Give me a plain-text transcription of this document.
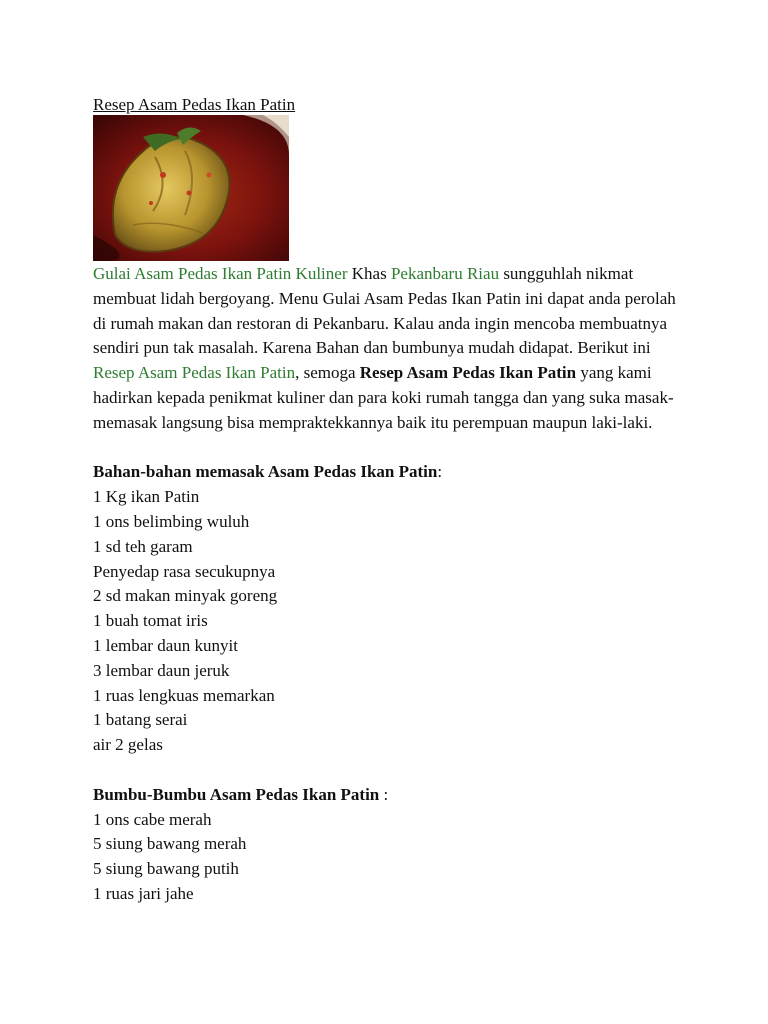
Resep Asam Pedas Ikan Patin

Gulai Asam Pedas Ikan Patin Kuliner Khas Pekanbaru Riau sungguhlah nikmat membuat lidah bergoyang. Menu Gulai Asam Pedas Ikan Patin ini dapat anda perolah di rumah makan dan restoran di Pekanbaru. Kalau anda ingin mencoba membuatnya sendiri pun tak masalah. Karena Bahan dan bumbunya mudah didapat. Berikut ini Resep Asam Pedas Ikan Patin, semoga Resep Asam Pedas Ikan Patin yang kami hadirkan kepada penikmat kuliner dan para koki rumah tangga dan yang suka masak-memasak langsung bisa mempraktekkannya baik itu perempuan maupun laki-laki.

Bahan-bahan memasak Asam Pedas Ikan Patin:
1 Kg ikan Patin
1 ons belimbing wuluh
1 sd teh garam
Penyedap rasa secukupnya
2 sd makan minyak goreng
1 buah tomat iris
1 lembar daun kunyit
3 lembar daun jeruk
1 ruas lengkuas memarkan
1 batang serai
air 2 gelas
Bumbu-Bumbu Asam Pedas Ikan Patin :
1 ons cabe merah
5 siung bawang merah
5 siung bawang putih
1 ruas jari jahe
